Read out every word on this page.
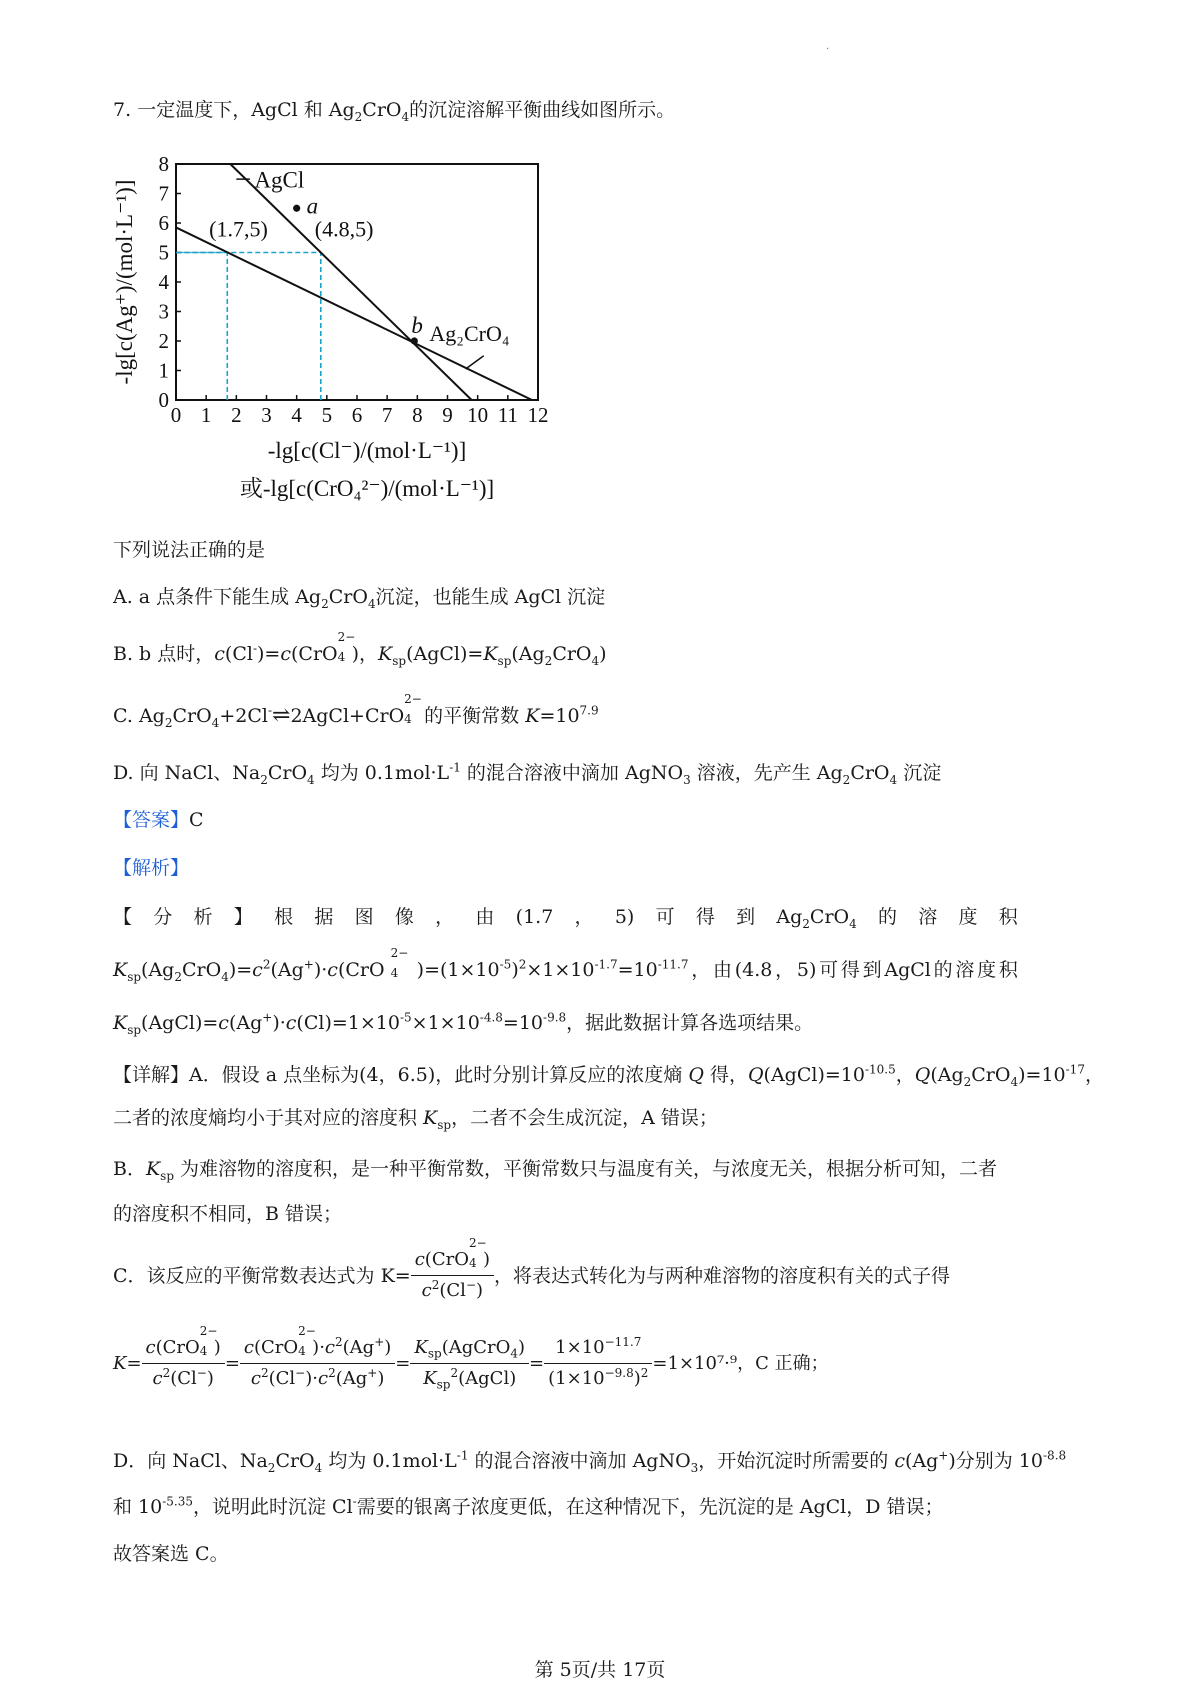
·
7. 一定温度下，AgCl 和 $Ag_2CrO_4$的沉淀溶解平衡曲线如图所示。
0 1 2 3 4 5 6 7 8 9 10 11 12
0
1
2
3
4
5
6
7
8
a
b
AgCl
Ag₂CrO₄
(1.7,5) (4.8,5)
-lg[c(Cl⁻)/(mol·L⁻¹)]
或-lg[c(CrO₄²⁻)/(mol·L⁻¹)]
-lg[c(Ag⁺)/(mol·L⁻¹)]
下列说法正确的是
A. a 点条件下能生成 $Ag_2CrO_4$沉淀，也能生成 AgCl 沉淀
B. b 点时，c(Cl-)=c(CrO
2−
4 )，$K_{sp}(AgCl)=K_{sp}(Ag_2CrO_4)$
C. $Ag_2CrO_4+2Cl^-\rightleftharpoons 2AgCl+CrO$
2−
4 的平衡常数 $K=10^{7.9}$
D. 向 NaCl、$Na_2CrO_4$ 均为 $0.1mol\cdot L^{-1}$ 的混合溶液中滴加 AgNO$_3$ 溶液，先产生 $Ag_2CrO_4$ 沉淀
【答案】C
【解析】
【 分 析 】 根 据 图 像 ， 由 (1.7 ， 5) 可 得 到 $Ag_2CrO_4$ 的 溶 度 积
$K_{sp}(Ag_2CrO_4)=c^2(Ag^+)\cdot c(CrO$
2−
4 )$=(1\times 10^{-5})^2\times 1\times 10^{-1.7}=10^{-11.7}$ ， 由 (4.8 ， 5) 可 得 到 AgCl 的 溶 度 积
$K_{sp}(AgCl)=c(Ag^+)\cdot c(Cl)=1\times 10^{-5}\times 1\times 10^{-4.8}=10^{-9.8}$，据此数据计算各选项结果。
【详解】A．假设 a 点坐标为(4，6.5)，此时分别计算反应的浓度熵 Q 得，$Q(AgCl)=10^{-10.5}$，$Q(Ag_2CrO_4)=10^{-17}$，
二者的浓度熵均小于其对应的溶度积 $K_{sp}$，二者不会生成沉淀，A 错误；
B．$K_{sp}$ 为难溶物的溶度积，是一种平衡常数，平衡常数只与温度有关，与浓度无关，根据分析可知，二者
的溶度积不相同，B 错误；
C．该反应的平衡常数表达式为 K= c(CrO
2−
4 )
$c^2(Cl^-)$ ，将表达式转化为与两种难溶物的溶度积有关的式子得
K= c(CrO
2−
4 )
$c^2(Cl^-) = c(CrO$
2−
4 )$\cdot c^2(Ag^+)$
$c^2(Cl^-)\cdot c^2(Ag^+) = \frac{K_{sp}(AgCrO_4)}{K_{sp}^2(AgCl)} = \frac{1\times 10^{-11.7}}{(1\times 10^{-9.8})^2} =1\times 10^7\cdot^9$，C 正确；
D．向 NaCl、$Na_2CrO_4$ 均为 $0.1mol\cdot L^{-1}$ 的混合溶液中滴加 AgNO$_3$，开始沉淀时所需要的 c(Ag+)分别为 $10^{-8.8}$
和 $10^{-5.35}$，说明此时沉淀 Cl-需要的银离子浓度更低，在这种情况下，先沉淀的是 AgCl，D 错误；
故答案选 C。
第 5页/共 17页
